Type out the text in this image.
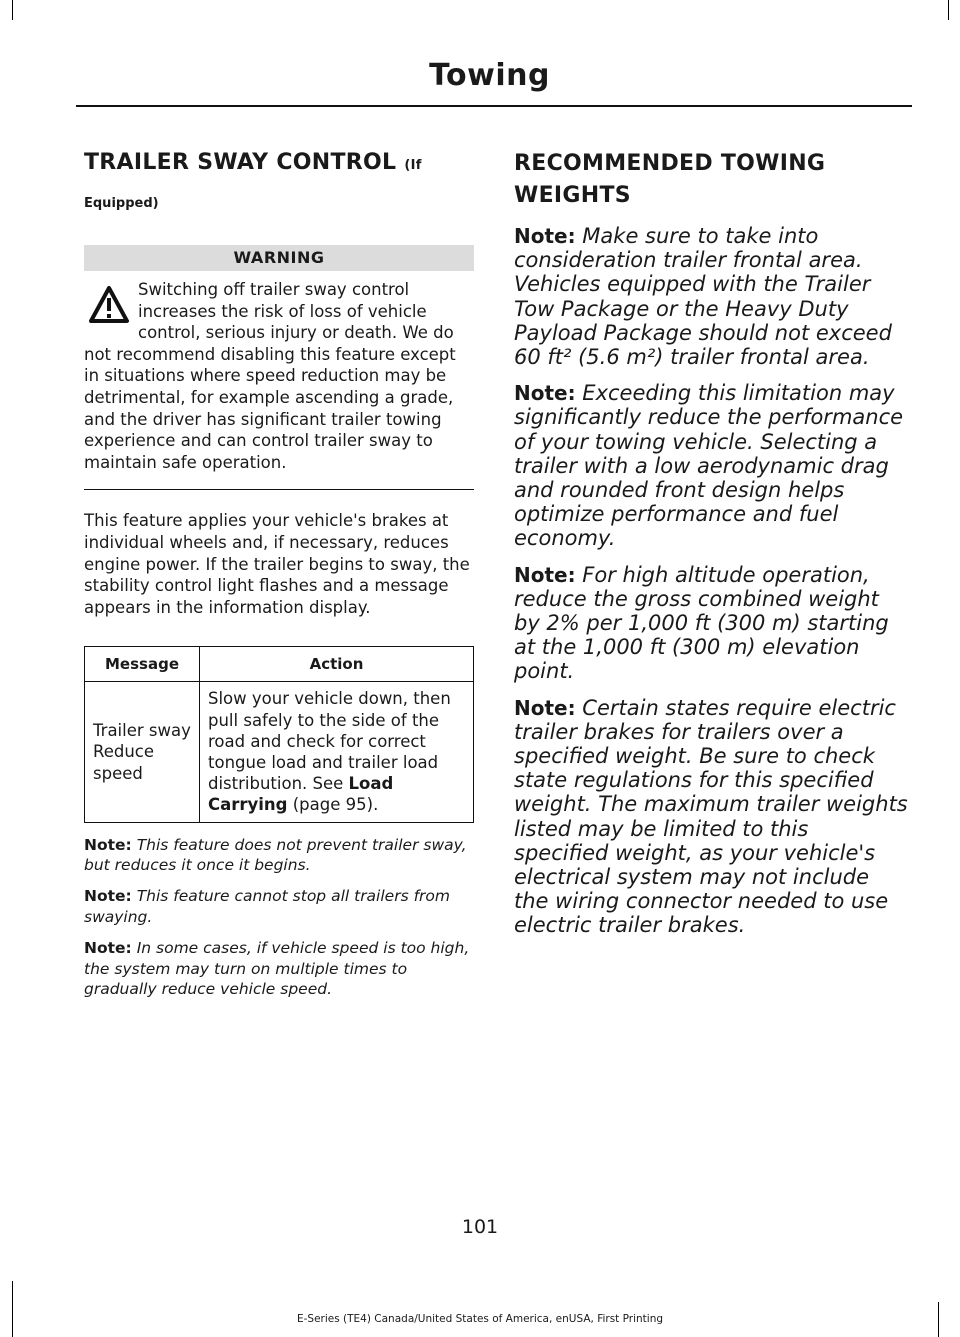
Towing

TRAILER SWAY CONTROL (If

Equipped)
WARNING
Switching off trailer sway control increases the risk of loss of vehicle control, serious injury or death. We do not recommend disabling this feature except in situations where speed reduction may be detrimental, for example ascending a grade, and the driver has significant trailer towing experience and can control trailer sway to maintain safe operation.
This feature applies your vehicle's brakes at individual wheels and, if necessary, reduces engine power. If the trailer begins to sway, the stability control light flashes and a message appears in the information display.
Message	Action
Trailer sway Reduce speed	Slow your vehicle down, then pull safely to the side of the road and check for correct tongue load and trailer load distribution. See Load Carrying (page 95).
Note: This feature does not prevent trailer sway, but reduces it once it begins.
Note: This feature cannot stop all trailers from swaying.
Note: In some cases, if vehicle speed is too high, the system may turn on multiple times to gradually reduce vehicle speed.

RECOMMENDED TOWING

WEIGHTS

Note: Make sure to take into consideration trailer frontal area. Vehicles equipped with the Trailer Tow Package or the Heavy Duty Payload Package should not exceed 60 ft² (5.6 m²) trailer frontal area.
Note: Exceeding this limitation may significantly reduce the performance of your towing vehicle. Selecting a trailer with a low aerodynamic drag and rounded front design helps optimize performance and fuel economy.
Note: For high altitude operation, reduce the gross combined weight by 2% per 1,000 ft (300 m) starting at the 1,000 ft (300 m) elevation point.
Note: Certain states require electric trailer brakes for trailers over a specified weight. Be sure to check state regulations for this specified weight. The maximum trailer weights listed may be limited to this specified weight, as your vehicle's electrical system may not include the wiring connector needed to use electric trailer brakes.
101
E-Series (TE4) Canada/United States of America, enUSA, First Printing
